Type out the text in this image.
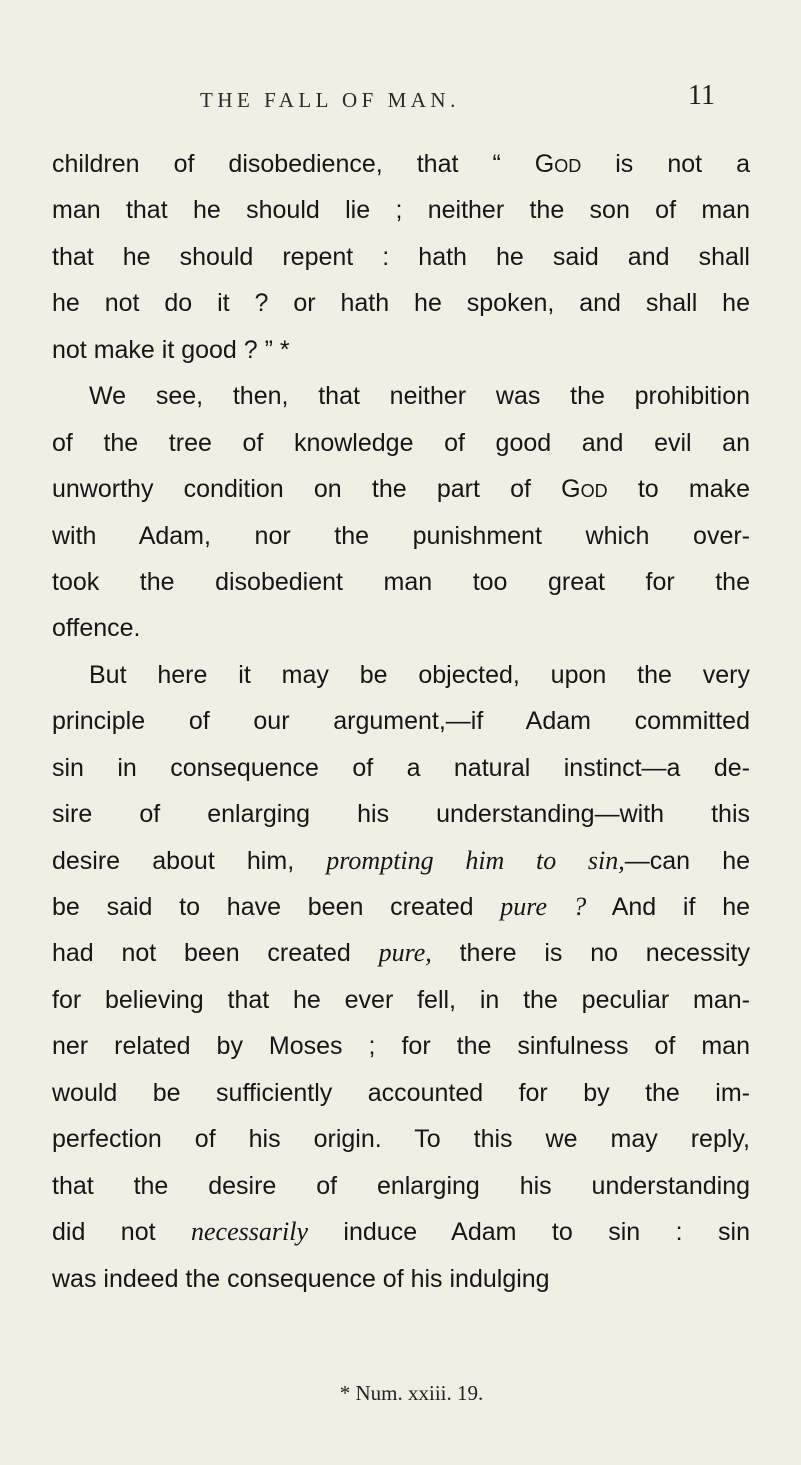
THE FALL OF MAN.	11
children of disobedience, that “ God is not a
man that he should lie ; neither the son of man
that he should repent : hath he said and shall
he not do it ? or hath he spoken, and shall he
not make it good ? ” *
We see, then, that neither was the prohibition
of the tree of knowledge of good and evil an
unworthy condition on the part of God to make
with Adam, nor the punishment which over-
took the disobedient man too great for the
offence.
But here it may be objected, upon the very
principle of our argument,—if Adam committed
sin in consequence of a natural instinct—a de-
sire of enlarging his understanding—with this
desire about him, prompting him to sin,—can he
be said to have been created pure ? And if he
had not been created pure, there is no necessity
for believing that he ever fell, in the peculiar man-
ner related by Moses ; for the sinfulness of man
would be sufficiently accounted for by the im-
perfection of his origin. To this we may reply,
that the desire of enlarging his understanding
did not necessarily induce Adam to sin : sin
was indeed the consequence of his indulging
* Num. xxiii. 19.
